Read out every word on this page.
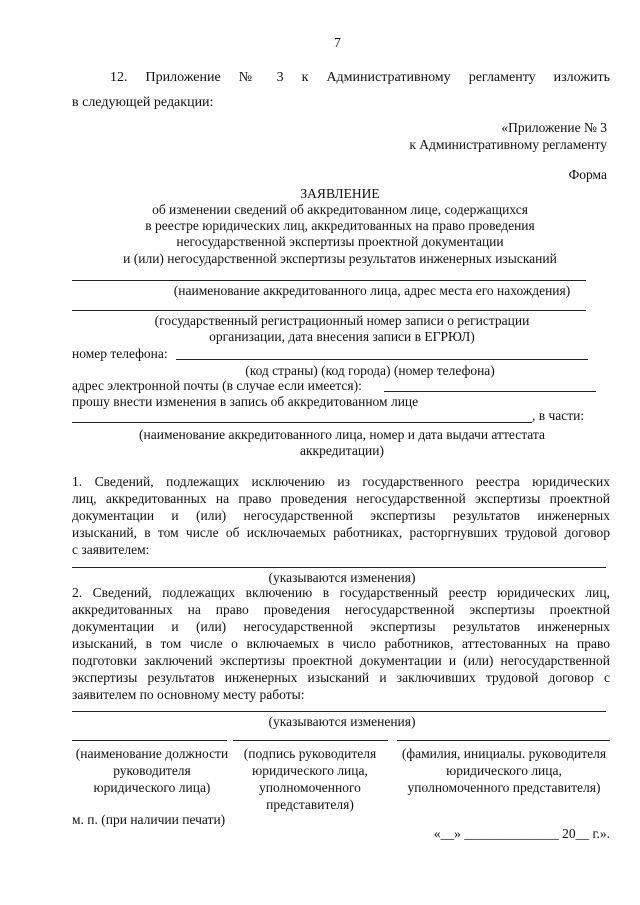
7
12. Приложение № 3 к Административному регламенту изложить
в следующей редакции:
«Приложение № 3
к Административному регламенту
Форма
ЗАЯВЛЕНИЕ
об изменении сведений об аккредитованном лице, содержащихся
в реестре юридических лиц, аккредитованных на право проведения
негосударственной экспертизы проектной документации
и (или) негосударственной экспертизы результатов инженерных изысканий
(наименование аккредитованного лица, адрес места его нахождения)
(государственный регистрационный номер записи о регистрации
организации, дата внесения записи в ЕГРЮЛ)
номер телефона:
(код страны) (код города) (номер телефона)
адрес электронной почты (в случае если имеется):
прошу внести изменения в запись об аккредитованном лице
, в части:
(наименование аккредитованного лица, номер и дата выдачи аттестата
аккредитации)
1. Сведений, подлежащих исключению из государственного реестра юридических
лиц, аккредитованных на право проведения негосударственной экспертизы проектной
документации и (или) негосударственной экспертизы результатов инженерных
изысканий, в том числе об исключаемых работниках, расторгнувших трудовой договор
с заявителем:
(указываются изменения)
2. Сведений, подлежащих включению в государственный реестр юридических лиц,
аккредитованных на право проведения негосударственной экспертизы проектной
документации и (или) негосударственной экспертизы результатов инженерных
изысканий, в том числе о включаемых в число работников, аттестованных на право
подготовки заключений экспертизы проектной документации и (или) негосударственной
экспертизы результатов инженерных изысканий и заключивших трудовой договор с
заявителем по основному месту работы:
(указываются изменения)
(наименование должности
руководителя
юридического лица)
(подпись руководителя
юридического лица,
уполномоченного
представителя)
(фамилия, инициалы. руководителя
юридического лица,
уполномоченного представителя)
м. п. (при наличии печати)
«__» ______________ 20__ г.».
